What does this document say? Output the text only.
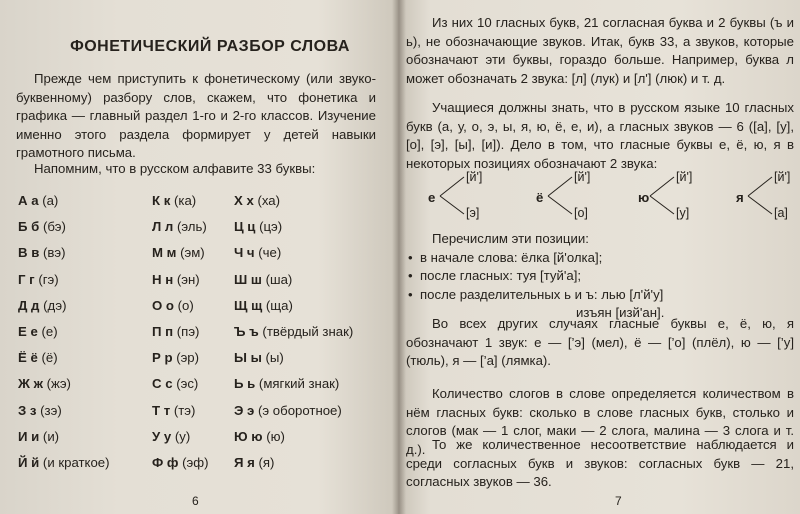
ФОНЕТИЧЕСКИЙ РАЗБОР СЛОВА

Прежде чем приступить к фонетическому (или звуко-буквенному) разбору слов, скажем, что фонетика и графика — главный раздел 1-го и 2-го классов. Изучение именно этого раздела формирует у детей навыки грамотного письма.

Напомним, что в русском алфавите 33 буквы:
А а (а)
Б б (бэ)
В в (вэ)
Г г (гэ)
Д д (дэ)
Е е (е)
Ё ё (ё)
Ж ж (жэ)
З з (зэ)
И и (и)
Й й (и краткое)
К к (ка)
Л л (эль)
М м (эм)
Н н (эн)
О о (о)
П п (пэ)
Р р (эр)
С с (эс)
Т т (тэ)
У у (у)
Ф ф (эф)
Х х (ха)
Ц ц (цэ)
Ч ч (че)
Ш ш (ша)
Щ щ (ща)
Ъ ъ (твёрдый знак)
Ы ы (ы)
Ь ь (мягкий знак)
Э э (э оборотное)
Ю ю (ю)
Я я (я)
6

Из них 10 гласных букв, 21 согласная буква и 2 буквы (ъ и ь), не обозначающие звуков. Итак, букв 33, а звуков, которые обозначают эти буквы, гораздо больше. Например, буква л может обозначать 2 звука: [л] (лук) и [л'] (люк) и т. д.

Учащиеся должны знать, что в русском языке 10 гласных букв (а, у, о, э, ы, я, ю, ё, е, и), а гласных звуков — 6 ([а], [у], [о], [э], [ы], [и]). Дело в том, что гласные буквы е, ё, ю, я в некоторых позициях обозначают 2 звука:

е
[й']
[э]
ё
[й']
[о]
ю
[й']
[у]
я
[й']
[а]

Перечислим эти позиции:

• в начале слова: ёлка [й'олка];
• после гласных: туя [туй'а];
• после разделительных ь и ъ: лью [л'й'у]

изъян [изй'ан].

Во всех других случаях гласные буквы е, ё, ю, я обозначают 1 звук: е — [’э] (мел), ё — [’о] (плёл), ю — [’у] (тюль), я — [’а] (лямка).

Количество слогов в слове определяется количеством в нём гласных букв: сколько в слове гласных букв, столько и слогов (мак — 1 слог, маки — 2 слога, малина — 3 слога и т. д.). То же количественное несоответствие наблюдается и среди согласных букв и звуков: согласных букв — 21, согласных звуков — 36.

7
